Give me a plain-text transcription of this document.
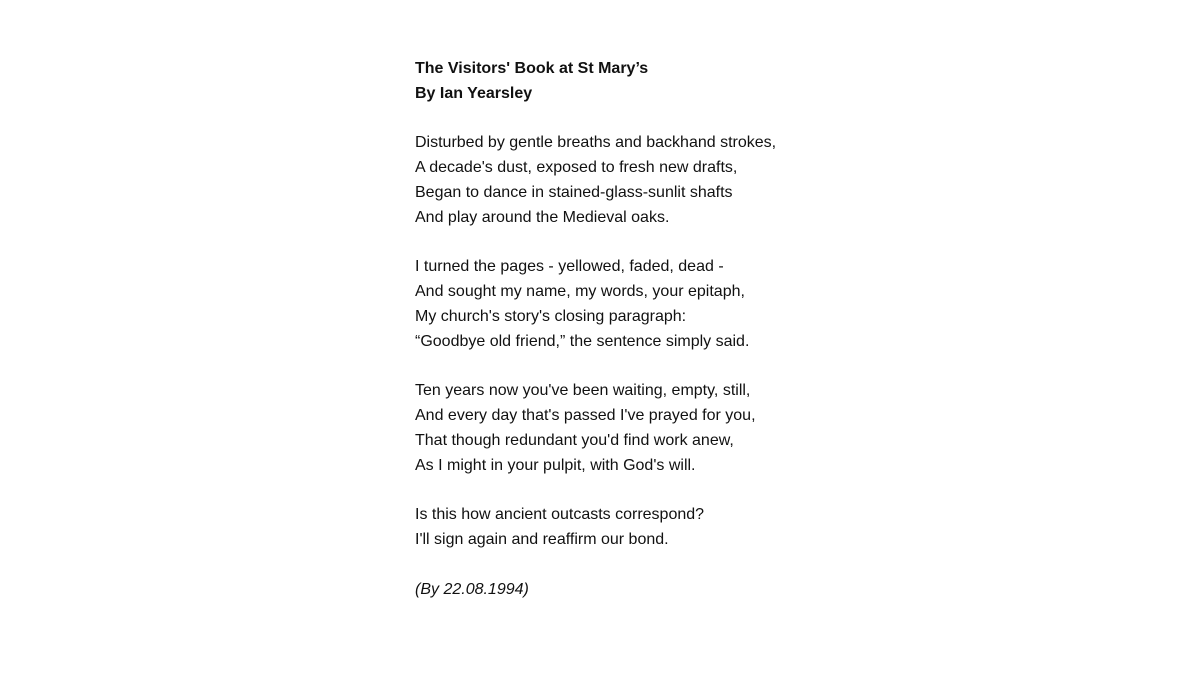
The Visitors' Book at St Mary’s
By Ian Yearsley
Disturbed by gentle breaths and backhand strokes,
A decade's dust, exposed to fresh new drafts,
Began to dance in stained-glass-sunlit shafts
And play around the Medieval oaks.
I turned the pages - yellowed, faded, dead -
And sought my name, my words, your epitaph,
My church's story's closing paragraph:
“Goodbye old friend,” the sentence simply said.
Ten years now you've been waiting, empty, still,
And every day that's passed I've prayed for you,
That though redundant you'd find work anew,
As I might in your pulpit, with God's will.
Is this how ancient outcasts correspond?
I'll sign again and reaffirm our bond.
(By 22.08.1994)
